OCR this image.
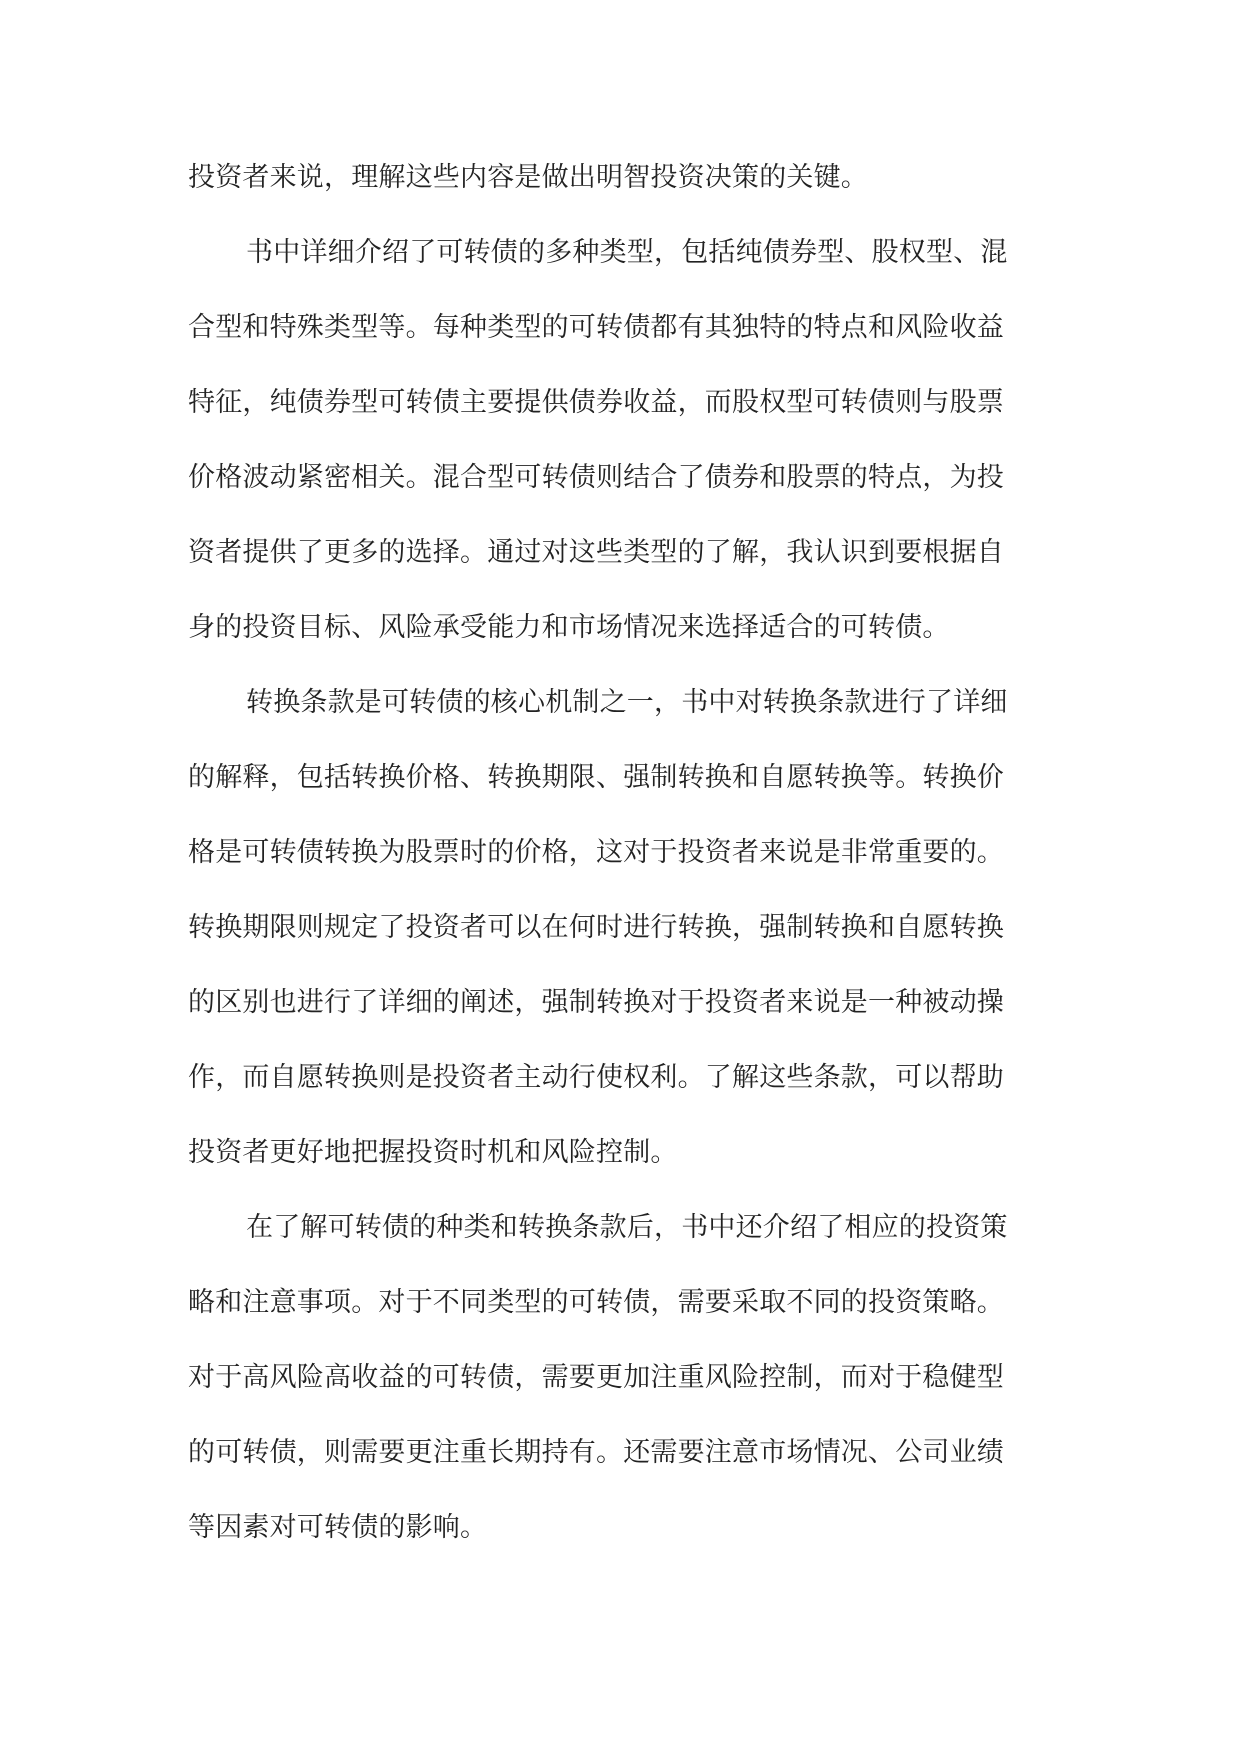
投资者来说，理解这些内容是做出明智投资决策的关键。
书中详细介绍了可转债的多种类型，包括纯债券型、股权型、混
合型和特殊类型等。每种类型的可转债都有其独特的特点和风险收益
特征，纯债券型可转债主要提供债券收益，而股权型可转债则与股票
价格波动紧密相关。混合型可转债则结合了债券和股票的特点，为投
资者提供了更多的选择。通过对这些类型的了解，我认识到要根据自
身的投资目标、风险承受能力和市场情况来选择适合的可转债。
转换条款是可转债的核心机制之一，书中对转换条款进行了详细
的解释，包括转换价格、转换期限、强制转换和自愿转换等。转换价
格是可转债转换为股票时的价格，这对于投资者来说是非常重要的。
转换期限则规定了投资者可以在何时进行转换，强制转换和自愿转换
的区别也进行了详细的阐述，强制转换对于投资者来说是一种被动操
作，而自愿转换则是投资者主动行使权利。了解这些条款，可以帮助
投资者更好地把握投资时机和风险控制。
在了解可转债的种类和转换条款后，书中还介绍了相应的投资策
略和注意事项。对于不同类型的可转债，需要采取不同的投资策略。
对于高风险高收益的可转债，需要更加注重风险控制，而对于稳健型
的可转债，则需要更注重长期持有。还需要注意市场情况、公司业绩
等因素对可转债的影响。
